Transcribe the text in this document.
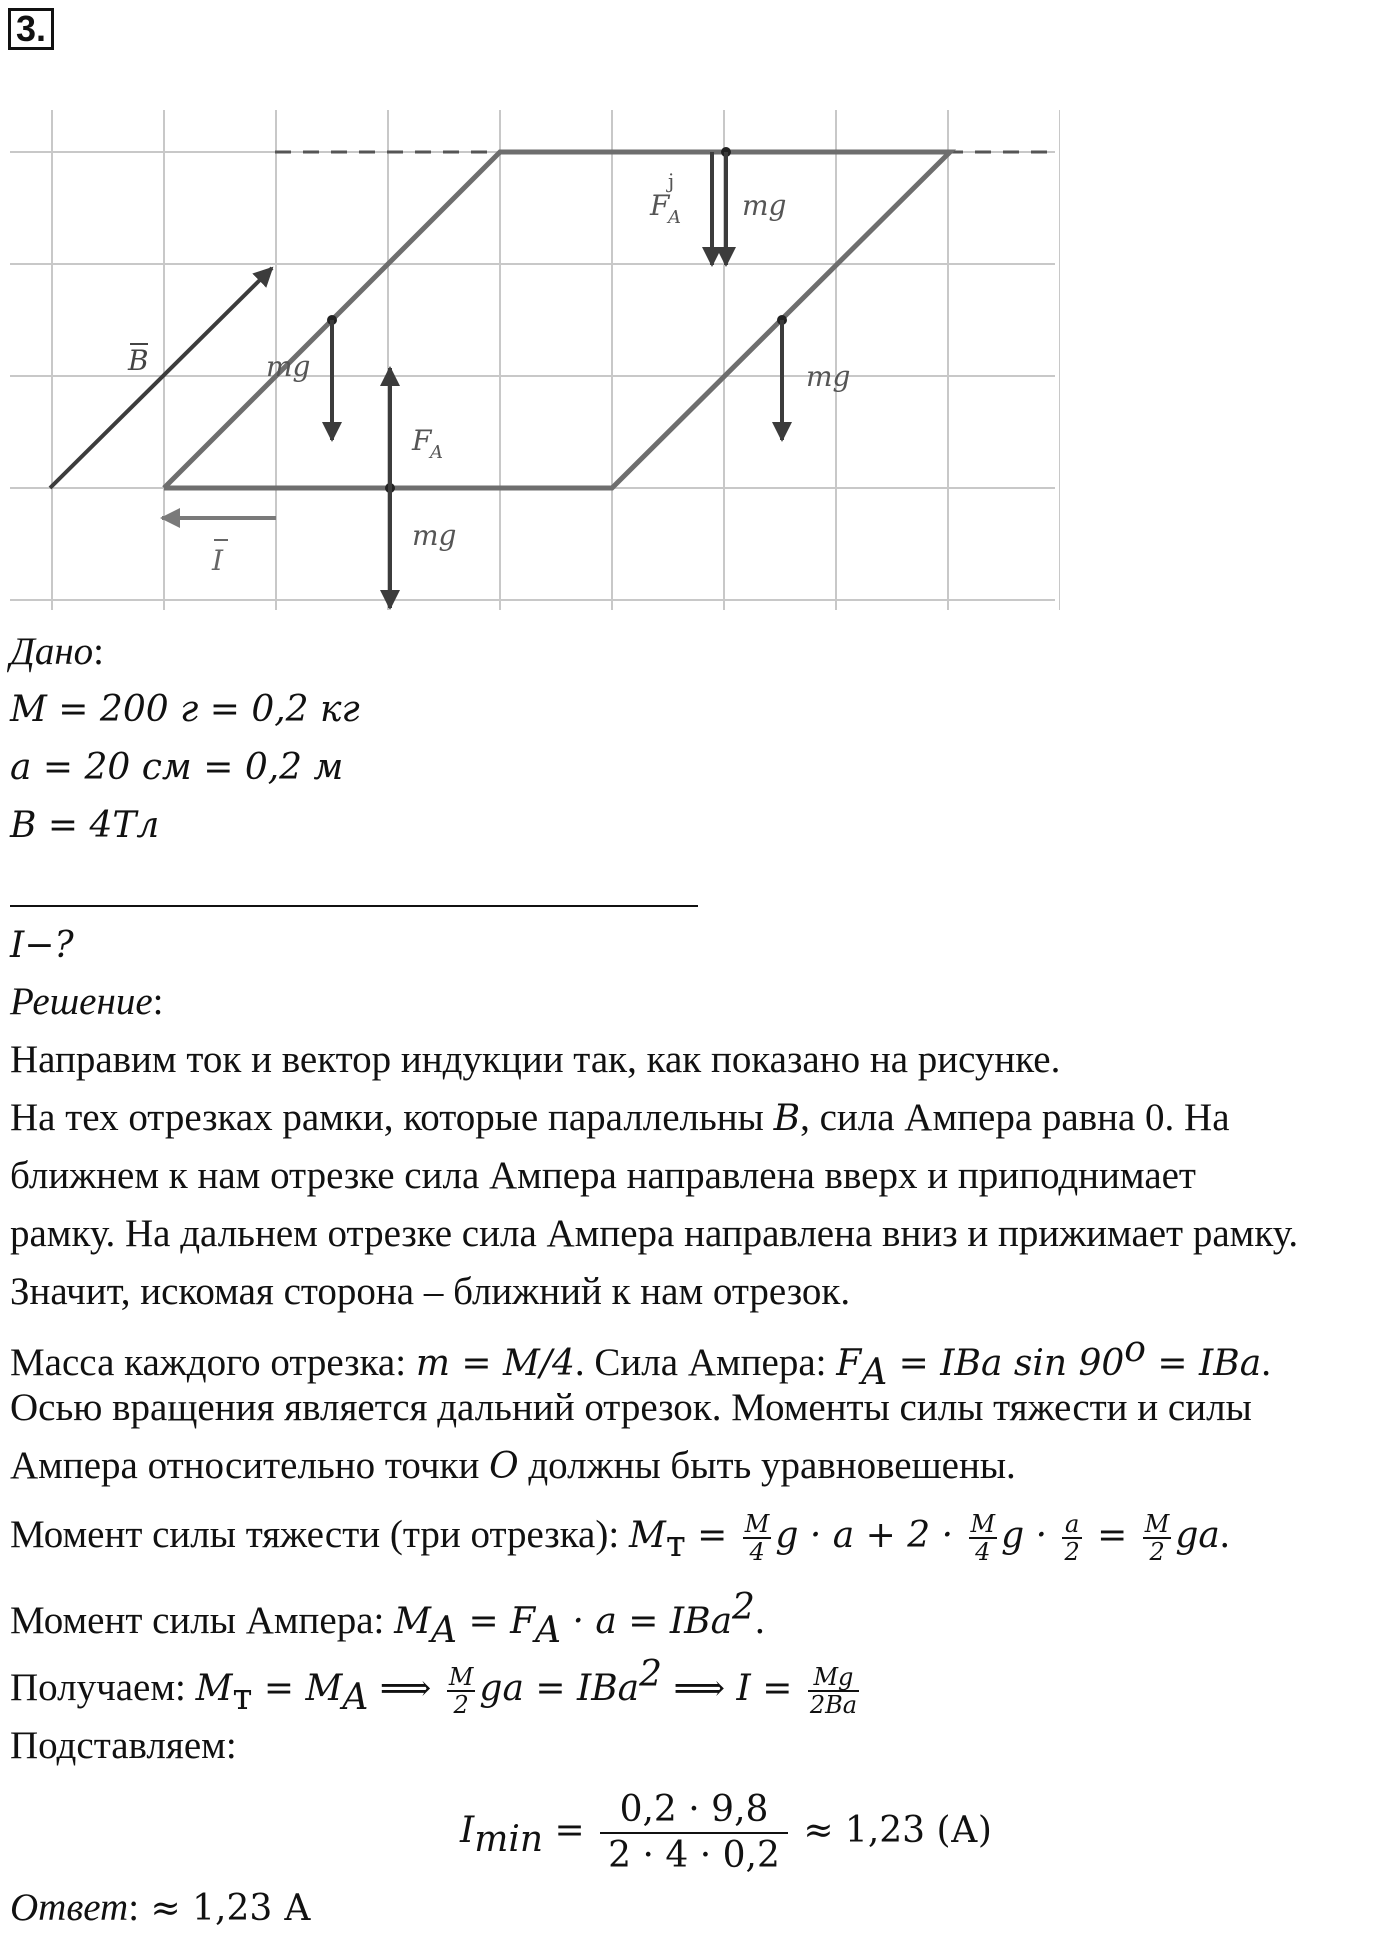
3.
B
I
mg
F
A
mg
F
A
j
mg
mg
Дано:
M = 200 г = 0,2 кг
a = 20 см = 0,2 м
B = 4Тл
I−?
Решение:
Направим ток и вектор индукции так, как показано на рисунке.
На тех отрезках рамки, которые параллельны B, сила Ампера равна 0. На
ближнем к нам отрезке сила Ампера направлена вверх и приподнимает
рамку. На дальнем отрезке сила Ампера направлена вниз и прижимает рамку.
Значит, искомая сторона – ближний к нам отрезок.
Масса каждого отрезка: m = M/4. Сила Ампера: $F_A$ = IBa $\sin 90^o$ = IBa.
Осью вращения является дальний отрезок. Моменты силы тяжести и силы
Ампера относительно точки O должны быть уравновешены.
Момент силы тяжести (три отрезка): $M_т = \frac{M}{4}$ $g \cdot a + 2 \cdot \frac{M}{4}$ $g \cdot \frac{a}{2} = \frac{M}{2}$ ga.
Момент силы Ампера: $M_A = F_A \cdot a = IBa^2$.
Получаем: $M_т = M_A$ ⟹ $\frac{M}{2}$ ga = IBa$^2$ ⟹ $I = \frac{Mg}{2Ba}$
Подставляем:
$I_{min} = \frac{0,2 \cdot 9,8}{2 \cdot 4 \cdot 0,2} \approx 1,23$ (А)
Ответ: ≈ 1,23 А
